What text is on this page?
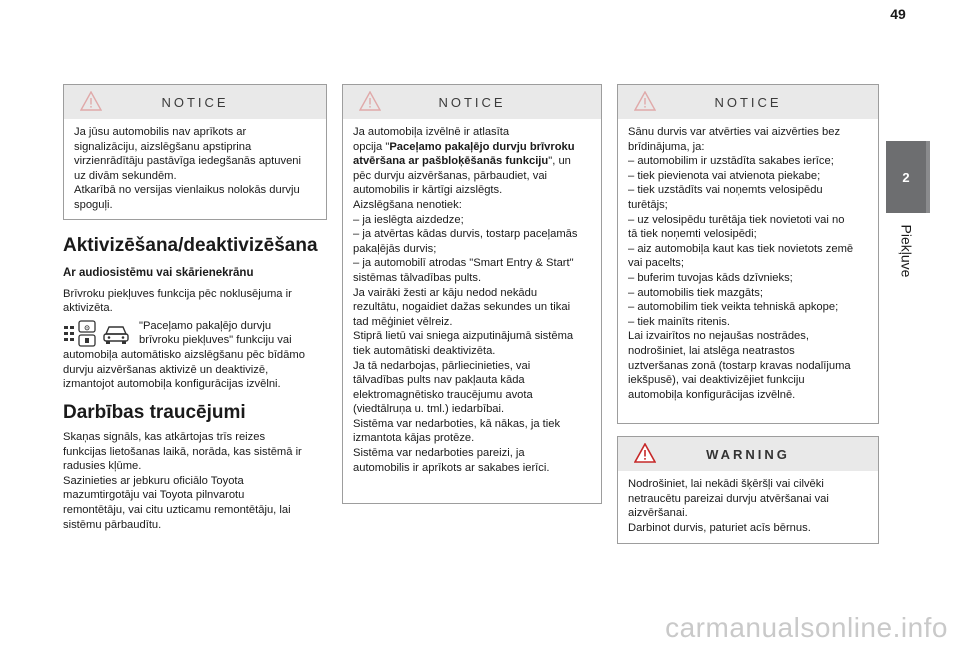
49
2
Piekļuve
NOTICE

Ja jūsu automobilis nav aprīkots ar

signalizāciju, aizslēgšanu apstiprina

virzienrādītāju pastāvīga iedegšanās aptuveni

uz divām sekundēm.

Atkarībā no versijas vienlaikus nolokās durvju

spoguļi.

Aktivizēšana/deaktivizēšana

Ar audiosistēmu vai skārienekrānu

Brīvroku piekļuves funkcija pēc noklusējuma ir

aktivizēta.

⊙	"Paceļamo pakaļējo durvju

brīvroku piekļuves" funkciju vai

automobiļa automātisko aizslēgšanu pēc bīdāmo

durvju aizvēršanas aktivizē un deaktivizē,

izmantojot automobiļa konfigurācijas izvēlni.

Darbības traucējumi

Skaņas signāls, kas atkārtojas trīs reizes

funkcijas lietošanas laikā, norāda, kas sistēmā ir

radusies kļūme.

Sazinieties ar jebkuru oficiālo Toyota

mazumtirgotāju vai Toyota pilnvarotu

remontētāju, vai citu uzticamu remontētāju, lai

sistēmu pārbaudītu.

NOTICE

Ja automobiļa izvēlnē ir atlasīta

opcija "Paceļamo pakaļējo durvju brīvroku

atvēršana ar pašbloķēšanās funkciju", un

pēc durvju aizvēršanas, pārbaudiet, vai

automobilis ir kārtīgi aizslēgts.

Aizslēgšana nenotiek:

– ja ieslēgta aizdedze;

– ja atvērtas kādas durvis, tostarp paceļamās

pakaļējās durvis;

– ja automobilī atrodas "Smart Entry & Start"

sistēmas tālvadības pults.

Ja vairāki žesti ar kāju nedod nekādu

rezultātu, nogaidiet dažas sekundes un tikai

tad mēģiniet vēlreiz.

Stiprā lietū vai sniega aizputinājumā sistēma

tiek automātiski deaktivizēta.

Ja tā nedarbojas, pārliecinieties, vai

tālvadības pults nav pakļauta kāda

elektromagnētisko traucējumu avota

(viedtālruņa u. tml.) iedarbībai.

Sistēma var nedarboties, kā nākas, ja tiek

izmantota kājas protēze.

Sistēma var nedarboties pareizi, ja

automobilis ir aprīkots ar sakabes ierīci.

NOTICE

Sānu durvis var atvērties vai aizvērties bez

brīdinājuma, ja:

– automobilim ir uzstādīta sakabes ierīce;

– tiek pievienota vai atvienota piekabe;

– tiek uzstādīts vai noņemts velosipēdu

turētājs;

– uz velosipēdu turētāja tiek novietoti vai no

tā tiek noņemti velosipēdi;

– aiz automobiļa kaut kas tiek novietots zemē

vai pacelts;

– buferim tuvojas kāds dzīvnieks;

– automobilis tiek mazgāts;

– automobilim tiek veikta tehniskā apkope;

– tiek mainīts ritenis.

Lai izvairītos no nejaušas nostrādes,

nodrošiniet, lai atslēga neatrastos

uztveršanas zonā (tostarp kravas nodalījuma

iekšpusē), vai deaktivizējiet funkciju

automobiļa konfigurācijas izvēlnē.

WARNING

Nodrošiniet, lai nekādi šķēršļi vai cilvēki

netraucētu pareizai durvju atvēršanai vai

aizvēršanai.

Darbinot durvis, paturiet acīs bērnus.

carmanualsonline.info
